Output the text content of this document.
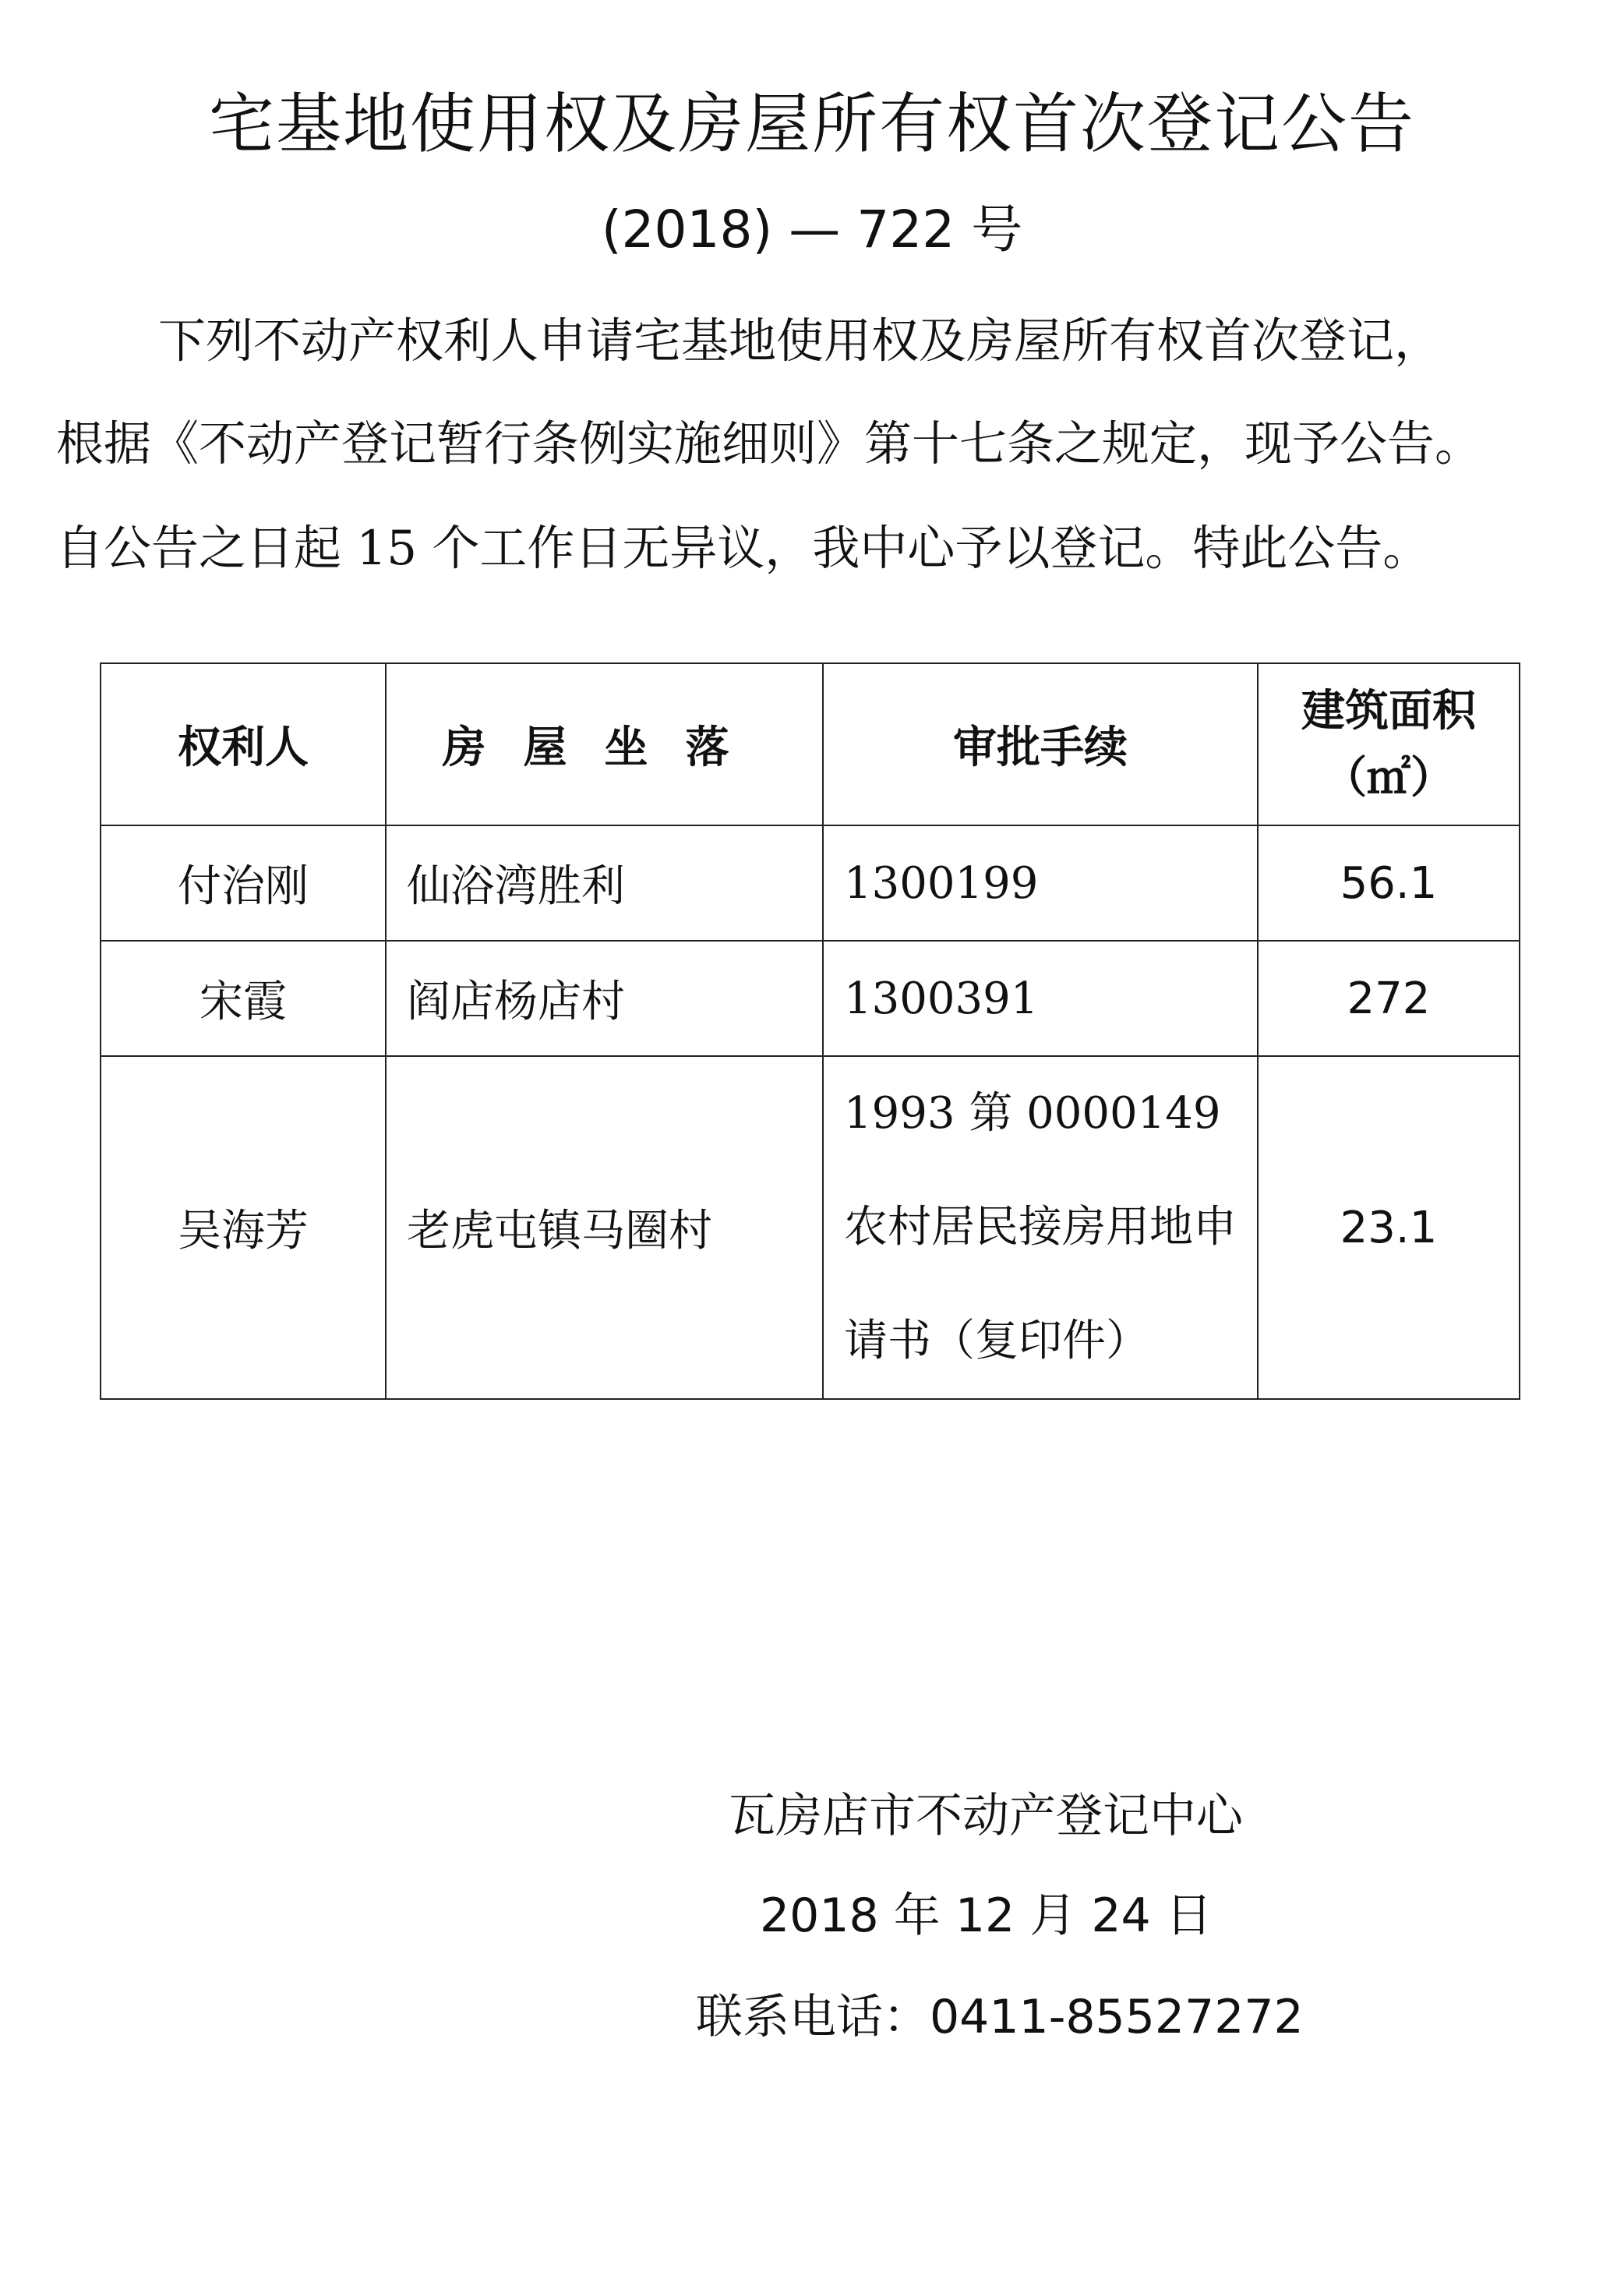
宅基地使用权及房屋所有权首次登记公告
(2018) — 722 号
下列不动产权利人申请宅基地使用权及房屋所有权首次登记，
根据《不动产登记暂行条例实施细则》第十七条之规定，现予公告。
自公告之日起 15 个工作日无异议，我中心予以登记。特此公告。
权利人	房屋坐落	审批手续	建筑面积
（㎡）

付治刚	仙浴湾胜利	1300199	56.1
宋霞	阎店杨店村	1300391	272
吴海芳	老虎屯镇马圈村	1993 第 0000149 农村居民接房用地申请书（复印件）	23.1
瓦房店市不动产登记中心
2018 年 12 月 24 日
联系电话：0411-85527272
